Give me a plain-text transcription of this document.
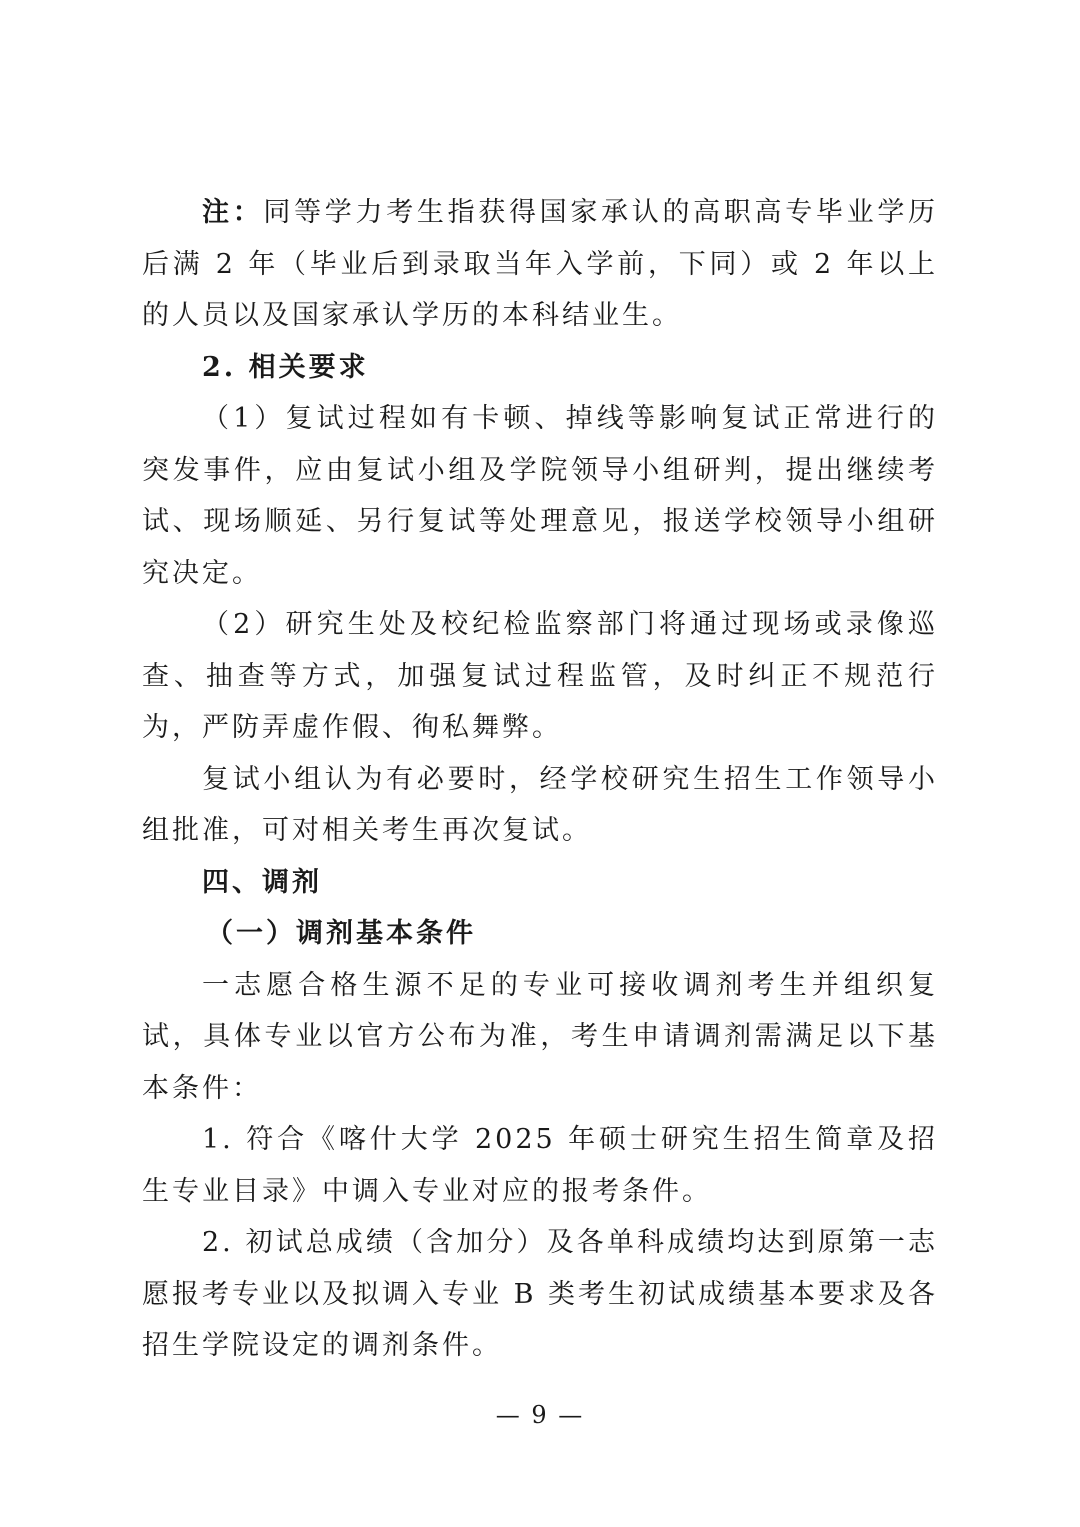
注：同等学力考生指获得国家承认的高职高专毕业学历后满 2 年（毕业后到录取当年入学前，下同）或 2 年以上的人员以及国家承认学历的本科结业生。

2. 相关要求

（1）复试过程如有卡顿、掉线等影响复试正常进行的突发事件，应由复试小组及学院领导小组研判，提出继续考试、现场顺延、另行复试等处理意见，报送学校领导小组研究决定。

（2）研究生处及校纪检监察部门将通过现场或录像巡查、抽查等方式，加强复试过程监管，及时纠正不规范行为，严防弄虚作假、徇私舞弊。

复试小组认为有必要时，经学校研究生招生工作领导小组批准，可对相关考生再次复试。

四、调剂

（一）调剂基本条件

一志愿合格生源不足的专业可接收调剂考生并组织复试，具体专业以官方公布为准，考生申请调剂需满足以下基本条件：

1. 符合《喀什大学 2025 年硕士研究生招生简章及招生专业目录》中调入专业对应的报考条件。

2. 初试总成绩（含加分）及各单科成绩均达到原第一志愿报考专业以及拟调入专业 B 类考生初试成绩基本要求及各招生学院设定的调剂条件。

— 9 —
